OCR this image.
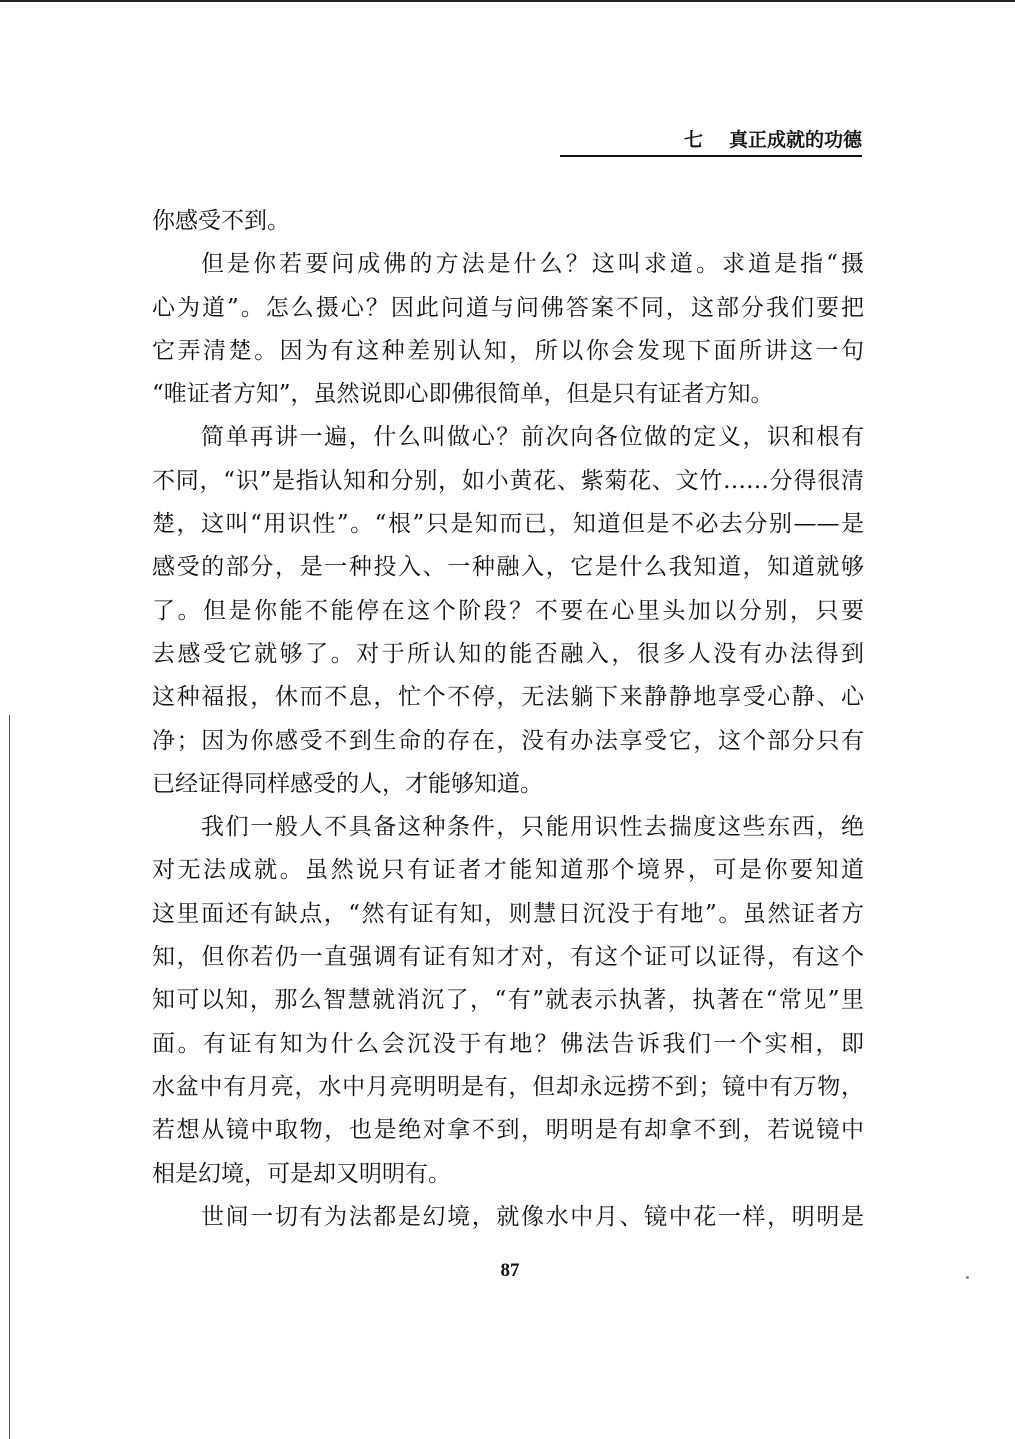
七 真正成就的功德
你感受不到。
但是你若要问成佛的方法是什么？这叫求道。求道是指“摄
心为道”。怎么摄心？因此问道与问佛答案不同，这部分我们要把
它弄清楚。因为有这种差别认知，所以你会发现下面所讲这一句
“唯证者方知”，虽然说即心即佛很简单，但是只有证者方知。
简单再讲一遍，什么叫做心？前次向各位做的定义，识和根有
不同，“识”是指认知和分别，如小黄花、紫菊花、文竹……分得很清
楚，这叫“用识性”。“根”只是知而已，知道但是不必去分别——是
感受的部分，是一种投入、一种融入，它是什么我知道，知道就够
了。但是你能不能停在这个阶段？不要在心里头加以分别，只要
去感受它就够了。对于所认知的能否融入，很多人没有办法得到
这种福报，休而不息，忙个不停，无法躺下来静静地享受心静、心
净；因为你感受不到生命的存在，没有办法享受它，这个部分只有
已经证得同样感受的人，才能够知道。
我们一般人不具备这种条件，只能用识性去揣度这些东西，绝
对无法成就。虽然说只有证者才能知道那个境界，可是你要知道
这里面还有缺点，“然有证有知，则慧日沉没于有地”。虽然证者方
知，但你若仍一直强调有证有知才对，有这个证可以证得，有这个
知可以知，那么智慧就消沉了，“有”就表示执著，执著在“常见”里
面。有证有知为什么会沉没于有地？佛法告诉我们一个实相，即
水盆中有月亮，水中月亮明明是有，但却永远捞不到；镜中有万物，
若想从镜中取物，也是绝对拿不到，明明是有却拿不到，若说镜中
相是幻境，可是却又明明有。
世间一切有为法都是幻境，就像水中月、镜中花一样，明明是
87
